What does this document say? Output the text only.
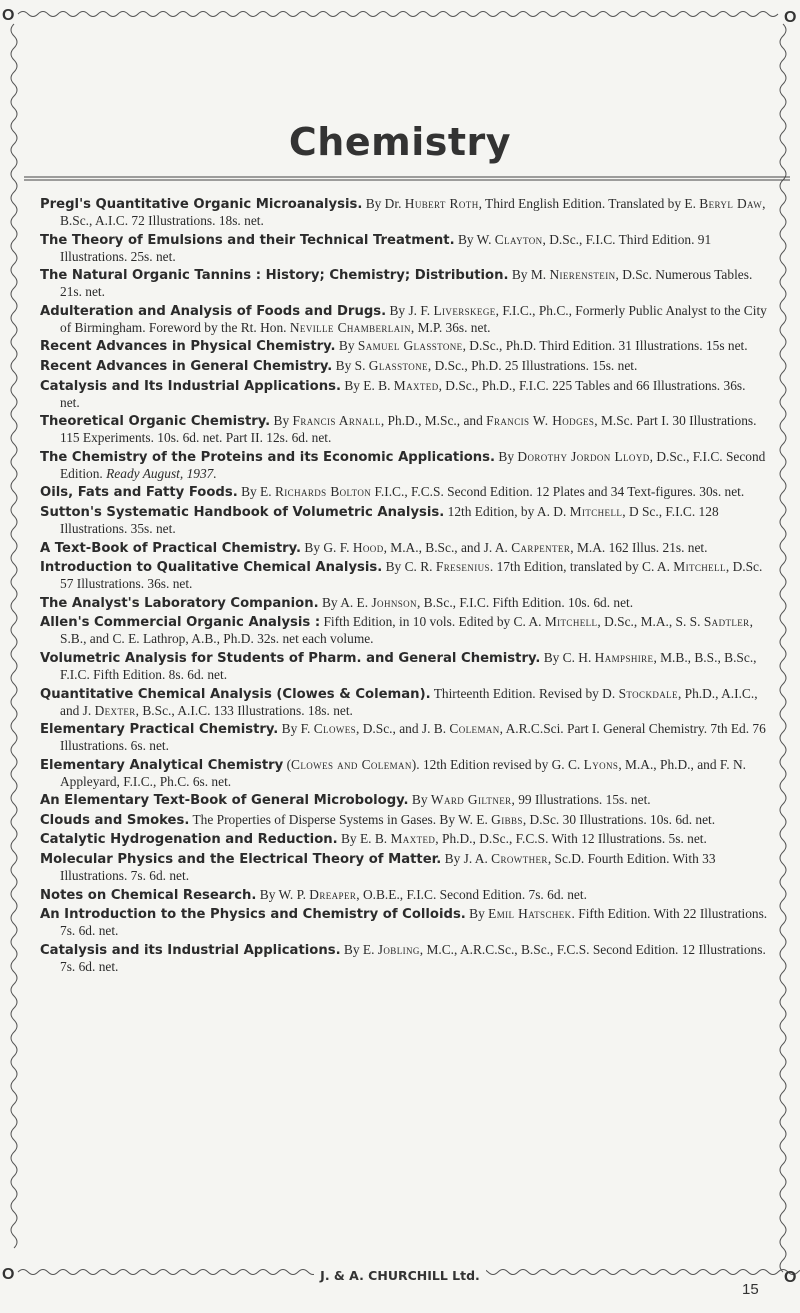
O	O
O	O
Chemistry

Pregl's Quantitative Organic Microanalysis. By Dr. Hubert Roth, Third English Edition. Translated by E. Beryl Daw, B.Sc., A.I.C. 72 Illustrations. 18s. net.

The Theory of Emulsions and their Technical Treatment. By W. Clayton, D.Sc., F.I.C. Third Edition. 91 Illustrations. 25s. net.

The Natural Organic Tannins : History; Chemistry; Distribution. By M. Nierenstein, D.Sc. Numerous Tables. 21s. net.

Adulteration and Analysis of Foods and Drugs. By J. F. Liverskege, F.I.C., Ph.C., Formerly Public Analyst to the City of Birmingham. Foreword by the Rt. Hon. Neville Chamberlain, M.P. 36s. net.

Recent Advances in Physical Chemistry. By Samuel Glasstone, D.Sc., Ph.D. Third Edition. 31 Illustrations. 15s net.

Recent Advances in General Chemistry. By S. Glasstone, D.Sc., Ph.D. 25 Illustrations. 15s. net.

Catalysis and Its Industrial Applications. By E. B. Maxted, D.Sc., Ph.D., F.I.C. 225 Tables and 66 Illustrations. 36s. net.

Theoretical Organic Chemistry. By Francis Arnall, Ph.D., M.Sc., and Francis W. Hodges, M.Sc. Part I. 30 Illustrations. 115 Experiments. 10s. 6d. net. Part II. 12s. 6d. net.

The Chemistry of the Proteins and its Economic Applications. By Dorothy Jordon Lloyd, D.Sc., F.I.C. Second Edition. Ready August, 1937.

Oils, Fats and Fatty Foods. By E. Richards Bolton F.I.C., F.C.S. Second Edition. 12 Plates and 34 Text-figures. 30s. net.

Sutton's Systematic Handbook of Volumetric Analysis. 12th Edition, by A. D. Mitchell, D Sc., F.I.C. 128 Illustrations. 35s. net.

A Text-Book of Practical Chemistry. By G. F. Hood, M.A., B.Sc., and J. A. Carpenter, M.A. 162 Illus. 21s. net.

Introduction to Qualitative Chemical Analysis. By C. R. Fresenius. 17th Edition, translated by C. A. Mitchell, D.Sc. 57 Illustrations. 36s. net.

The Analyst's Laboratory Companion. By A. E. Johnson, B.Sc., F.I.C. Fifth Edition. 10s. 6d. net.

Allen's Commercial Organic Analysis : Fifth Edition, in 10 vols. Edited by C. A. Mitchell, D.Sc., M.A., S. S. Sadtler, S.B., and C. E. Lathrop, A.B., Ph.D. 32s. net each volume.

Volumetric Analysis for Students of Pharm. and General Chemistry. By C. H. Hampshire, M.B., B.S., B.Sc., F.I.C. Fifth Edition. 8s. 6d. net.

Quantitative Chemical Analysis (Clowes & Coleman). Thirteenth Edition. Revised by D. Stockdale, Ph.D., A.I.C., and J. Dexter, B.Sc., A.I.C. 133 Illustrations. 18s. net.

Elementary Practical Chemistry. By F. Clowes, D.Sc., and J. B. Coleman, A.R.C.Sci. Part I. General Chemistry. 7th Ed. 76 Illustrations. 6s. net.

Elementary Analytical Chemistry (Clowes and Coleman). 12th Edition revised by G. C. Lyons, M.A., Ph.D., and F. N. Appleyard, F.I.C., Ph.C. 6s. net.

An Elementary Text-Book of General Microbology. By Ward Giltner, 99 Illustrations. 15s. net.

Clouds and Smokes. The Properties of Disperse Systems in Gases. By W. E. Gibbs, D.Sc. 30 Illustrations. 10s. 6d. net.

Catalytic Hydrogenation and Reduction. By E. B. Maxted, Ph.D., D.Sc., F.C.S. With 12 Illustrations. 5s. net.

Molecular Physics and the Electrical Theory of Matter. By J. A. Crowther, Sc.D. Fourth Edition. With 33 Illustrations. 7s. 6d. net.

Notes on Chemical Research. By W. P. Dreaper, O.B.E., F.I.C. Second Edition. 7s. 6d. net.

An Introduction to the Physics and Chemistry of Colloids. By Emil Hatschek. Fifth Edition. With 22 Illustrations. 7s. 6d. net.

Catalysis and its Industrial Applications. By E. Jobling, M.C., A.R.C.Sc., B.Sc., F.C.S. Second Edition. 12 Illustrations. 7s. 6d. net.

J. & A. CHURCHILL Ltd.
15
